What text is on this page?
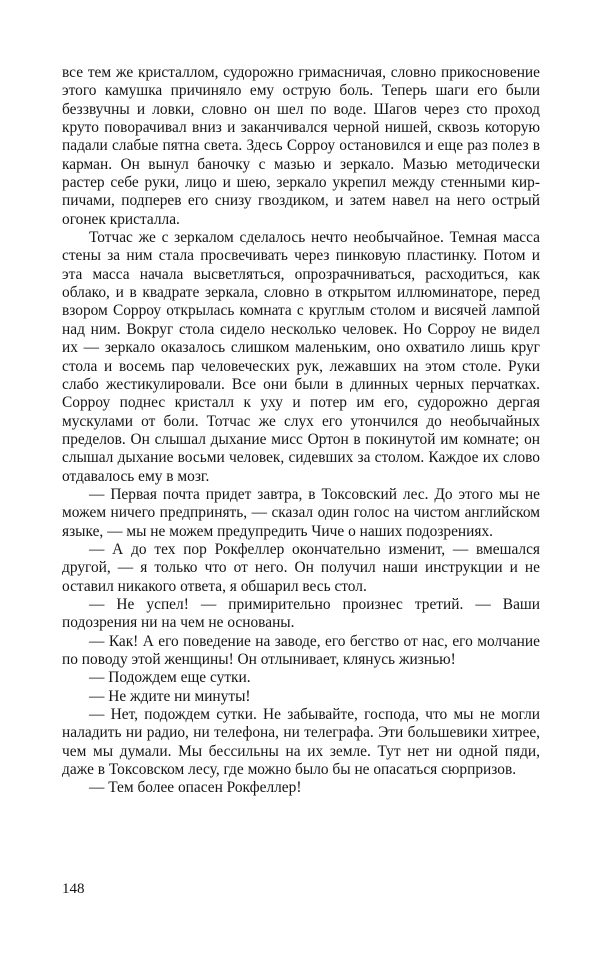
все тем же кристаллом, судорожно гримасничая, словно прикосновение этого камушка причиняло ему острую боль. Теперь шаги его были беззвучны и ловки, словно он шел по воде. Шагов через сто проход круто поворачивал вниз и заканчивался черной нишей, сквозь которую падали слабые пятна света. Здесь Сорроу остановился и еще раз полез в карман. Он вынул баночку с мазью и зеркало. Мазью методически растер себе руки, лицо и шею, зеркало укрепил между стенными кирпичами, подперев его снизу гвоздиком, и затем навел на него острый огонек кристалла.

Тотчас же с зеркалом сделалось нечто необычайное. Темная масса стены за ним стала просвечивать через пинковую пластинку. Потом и эта масса начала высветляться, опрозрачниваться, расходиться, как облако, и в квадрате зеркала, словно в открытом иллюминаторе, перед взором Сорроу открылась комната с круглым столом и висячей лампой над ним. Вокруг стола сидело несколько человек. Но Сорроу не видел их — зеркало оказалось слишком маленьким, оно охватило лишь круг стола и восемь пар человеческих рук, лежавших на этом столе. Руки слабо жестикулировали. Все они были в длинных черных перчатках. Сорроу поднес кристалл к уху и потер им его, судорожно дергая мускулами от боли. Тотчас же слух его утончился до необычайных пределов. Он слышал дыхание мисс Ортон в покинутой им комнате; он слышал дыхание восьми человек, сидевших за столом. Каждое их слово отдавалось ему в мозг.

— Первая почта придет завтра, в Токсовский лес. До этого мы не можем ничего предпринять, — сказал один голос на чистом английском языке, — мы не можем предупредить Чиче о наших подозрениях.

— А до тех пор Рокфеллер окончательно изменит, — вмешался другой, — я только что от него. Он получил наши инструкции и не оставил никакого ответа, я обшарил весь стол.

— Не успел! — примирительно произнес третий. — Ваши подозрения ни на чем не основаны.

— Как! А его поведение на заводе, его бегство от нас, его молчание по поводу этой женщины! Он отлынивает, клянусь жизнью!

— Подождем еще сутки.

— Не ждите ни минуты!

— Нет, подождем сутки. Не забывайте, господа, что мы не могли наладить ни радио, ни телефона, ни телеграфа. Эти большевики хитрее, чем мы думали. Мы бессильны на их земле. Тут нет ни одной пяди, даже в Токсовском лесу, где можно было бы не опасаться сюрпризов.

— Тем более опасен Рокфеллер!

148
